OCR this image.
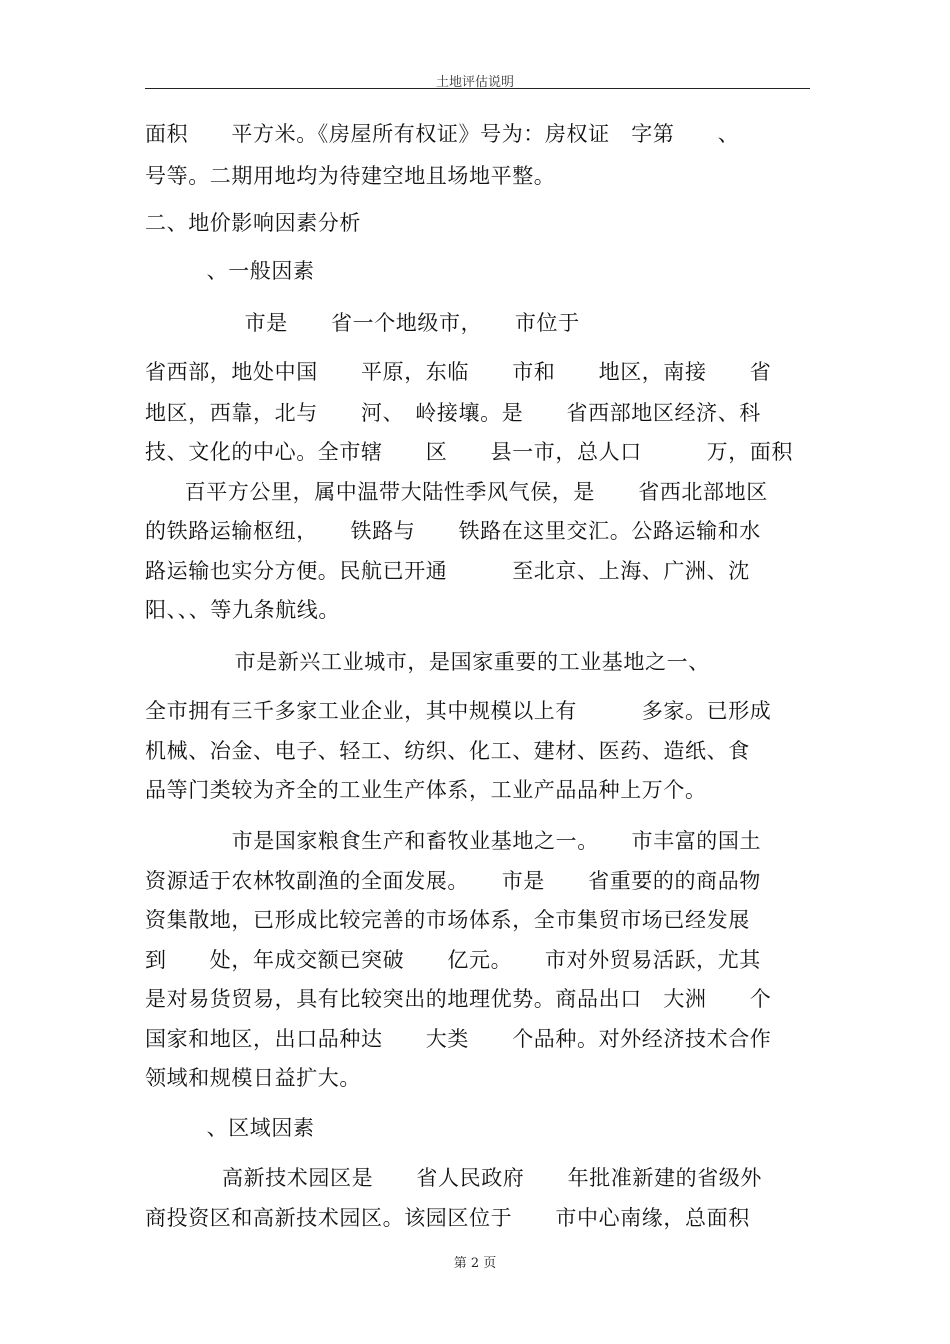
土地评估说明
面积　　平方米。《房屋所有权证》号为：房权证　字第　　、
号等。二期用地均为待建空地且场地平整。
二、地价影响因素分析
　、一般因素
　市是　　省一个地级市，　　市位于
省西部，地处中国　　平原，东临　　市和　　地区，南接　　省
地区，西靠，北与　　河、　岭接壤。是　　省西部地区经济、科
技、文化的中心。全市辖　　区　　县一市，总人口　　　万，面积
　百平方公里，属中温带大陆性季风气侯，是　　省西北部地区
的铁路运输枢纽，　　铁路与　　铁路在这里交汇。公路运输和水
路运输也实分方便。民航已开通　　　至北京、上海、广洲、沈
阳、、、等九条航线。
　市是新兴工业城市，是国家重要的工业基地之一、
全市拥有三千多家工业企业，其中规模以上有　　　多家。已形成
机械、冶金、电子、轻工、纺织、化工、建材、医药、造纸、食
品等门类较为齐全的工业生产体系，工业产品品种上万个。
　市是国家粮食生产和畜牧业基地之一。　　市丰富的国土
资源适于农林牧副渔的全面发展。　　市是　　省重要的的商品物
资集散地，已形成比较完善的市场体系，全市集贸市场已经发展
到　　处，年成交额已突破　　亿元。　　市对外贸易活跃，尤其
是对易货贸易，具有比较突出的地理优势。商品出口　大洲　　个
国家和地区，出口品种达　　大类　　个品种。对外经济技术合作
领域和规模日益扩大。
　、区域因素
高新技术园区是　　省人民政府　　年批准新建的省级外
商投资区和高新技术园区。该园区位于　　市中心南缘，总面积
第 2 页
